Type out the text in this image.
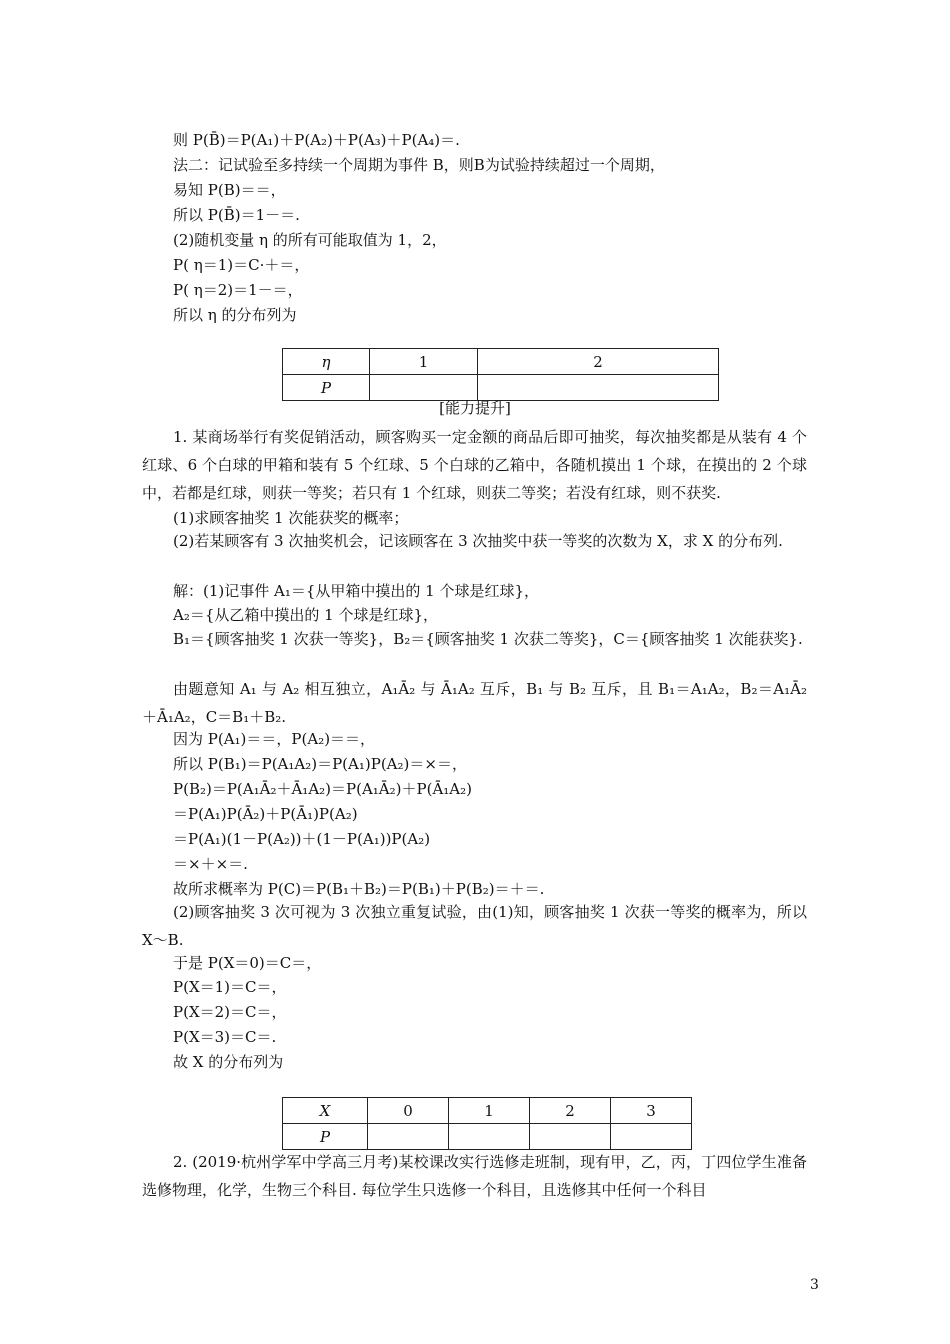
则 P(B̄)＝P(A₁)＋P(A₂)＋P(A₃)＋P(A₄)＝.
法二：记试验至多持续一个周期为事件 B，则B为试验持续超过一个周期，
易知 P(B)＝＝，
所以 P(B̄)＝1－＝.
(2)随机变量 η 的所有可能取值为 1，2，
P( η＝1)＝C·＋＝，
P( η＝2)＝1－＝，
所以 η 的分布列为
η	1	2
P		
[能力提升]
1. 某商场举行有奖促销活动，顾客购买一定金额的商品后即可抽奖，每次抽奖都是从装有 4 个红球、6 个白球的甲箱和装有 5 个红球、5 个白球的乙箱中，各随机摸出 1 个球，在摸出的 2 个球中，若都是红球，则获一等奖；若只有 1 个红球，则获二等奖；若没有红球，则不获奖.
(1)求顾客抽奖 1 次能获奖的概率；
(2)若某顾客有 3 次抽奖机会，记该顾客在 3 次抽奖中获一等奖的次数为 X，求 X 的分布列.
解：(1)记事件 A₁＝{从甲箱中摸出的 1 个球是红球}，
A₂＝{从乙箱中摸出的 1 个球是红球}，
B₁＝{顾客抽奖 1 次获一等奖}，B₂＝{顾客抽奖 1 次获二等奖}，C＝{顾客抽奖 1 次能获奖}.
由题意知 A₁ 与 A₂ 相互独立，A₁Ā₂ 与 Ā₁A₂ 互斥，B₁ 与 B₂ 互斥，且 B₁＝A₁A₂，B₂＝A₁Ā₂＋Ā₁A₂，C＝B₁＋B₂.
因为 P(A₁)＝＝，P(A₂)＝＝，
所以 P(B₁)＝P(A₁A₂)＝P(A₁)P(A₂)＝×＝，
P(B₂)＝P(A₁Ā₂＋Ā₁A₂)＝P(A₁Ā₂)＋P(Ā₁A₂)
＝P(A₁)P(Ā₂)＋P(Ā₁)P(A₂)
＝P(A₁)(1－P(A₂))＋(1－P(A₁))P(A₂)
＝×＋×＝.
故所求概率为 P(C)＝P(B₁＋B₂)＝P(B₁)＋P(B₂)＝＋＝.
(2)顾客抽奖 3 次可视为 3 次独立重复试验，由(1)知，顾客抽奖 1 次获一等奖的概率为，所以 X～B.
于是 P(X＝0)＝C＝，
P(X＝1)＝C＝，
P(X＝2)＝C＝，
P(X＝3)＝C＝.
故 X 的分布列为
X	0	1	2	3
P				
2. (2019·杭州学军中学高三月考)某校课改实行选修走班制，现有甲，乙，丙，丁四位学生准备选修物理，化学，生物三个科目. 每位学生只选修一个科目，且选修其中任何一个科目
3
